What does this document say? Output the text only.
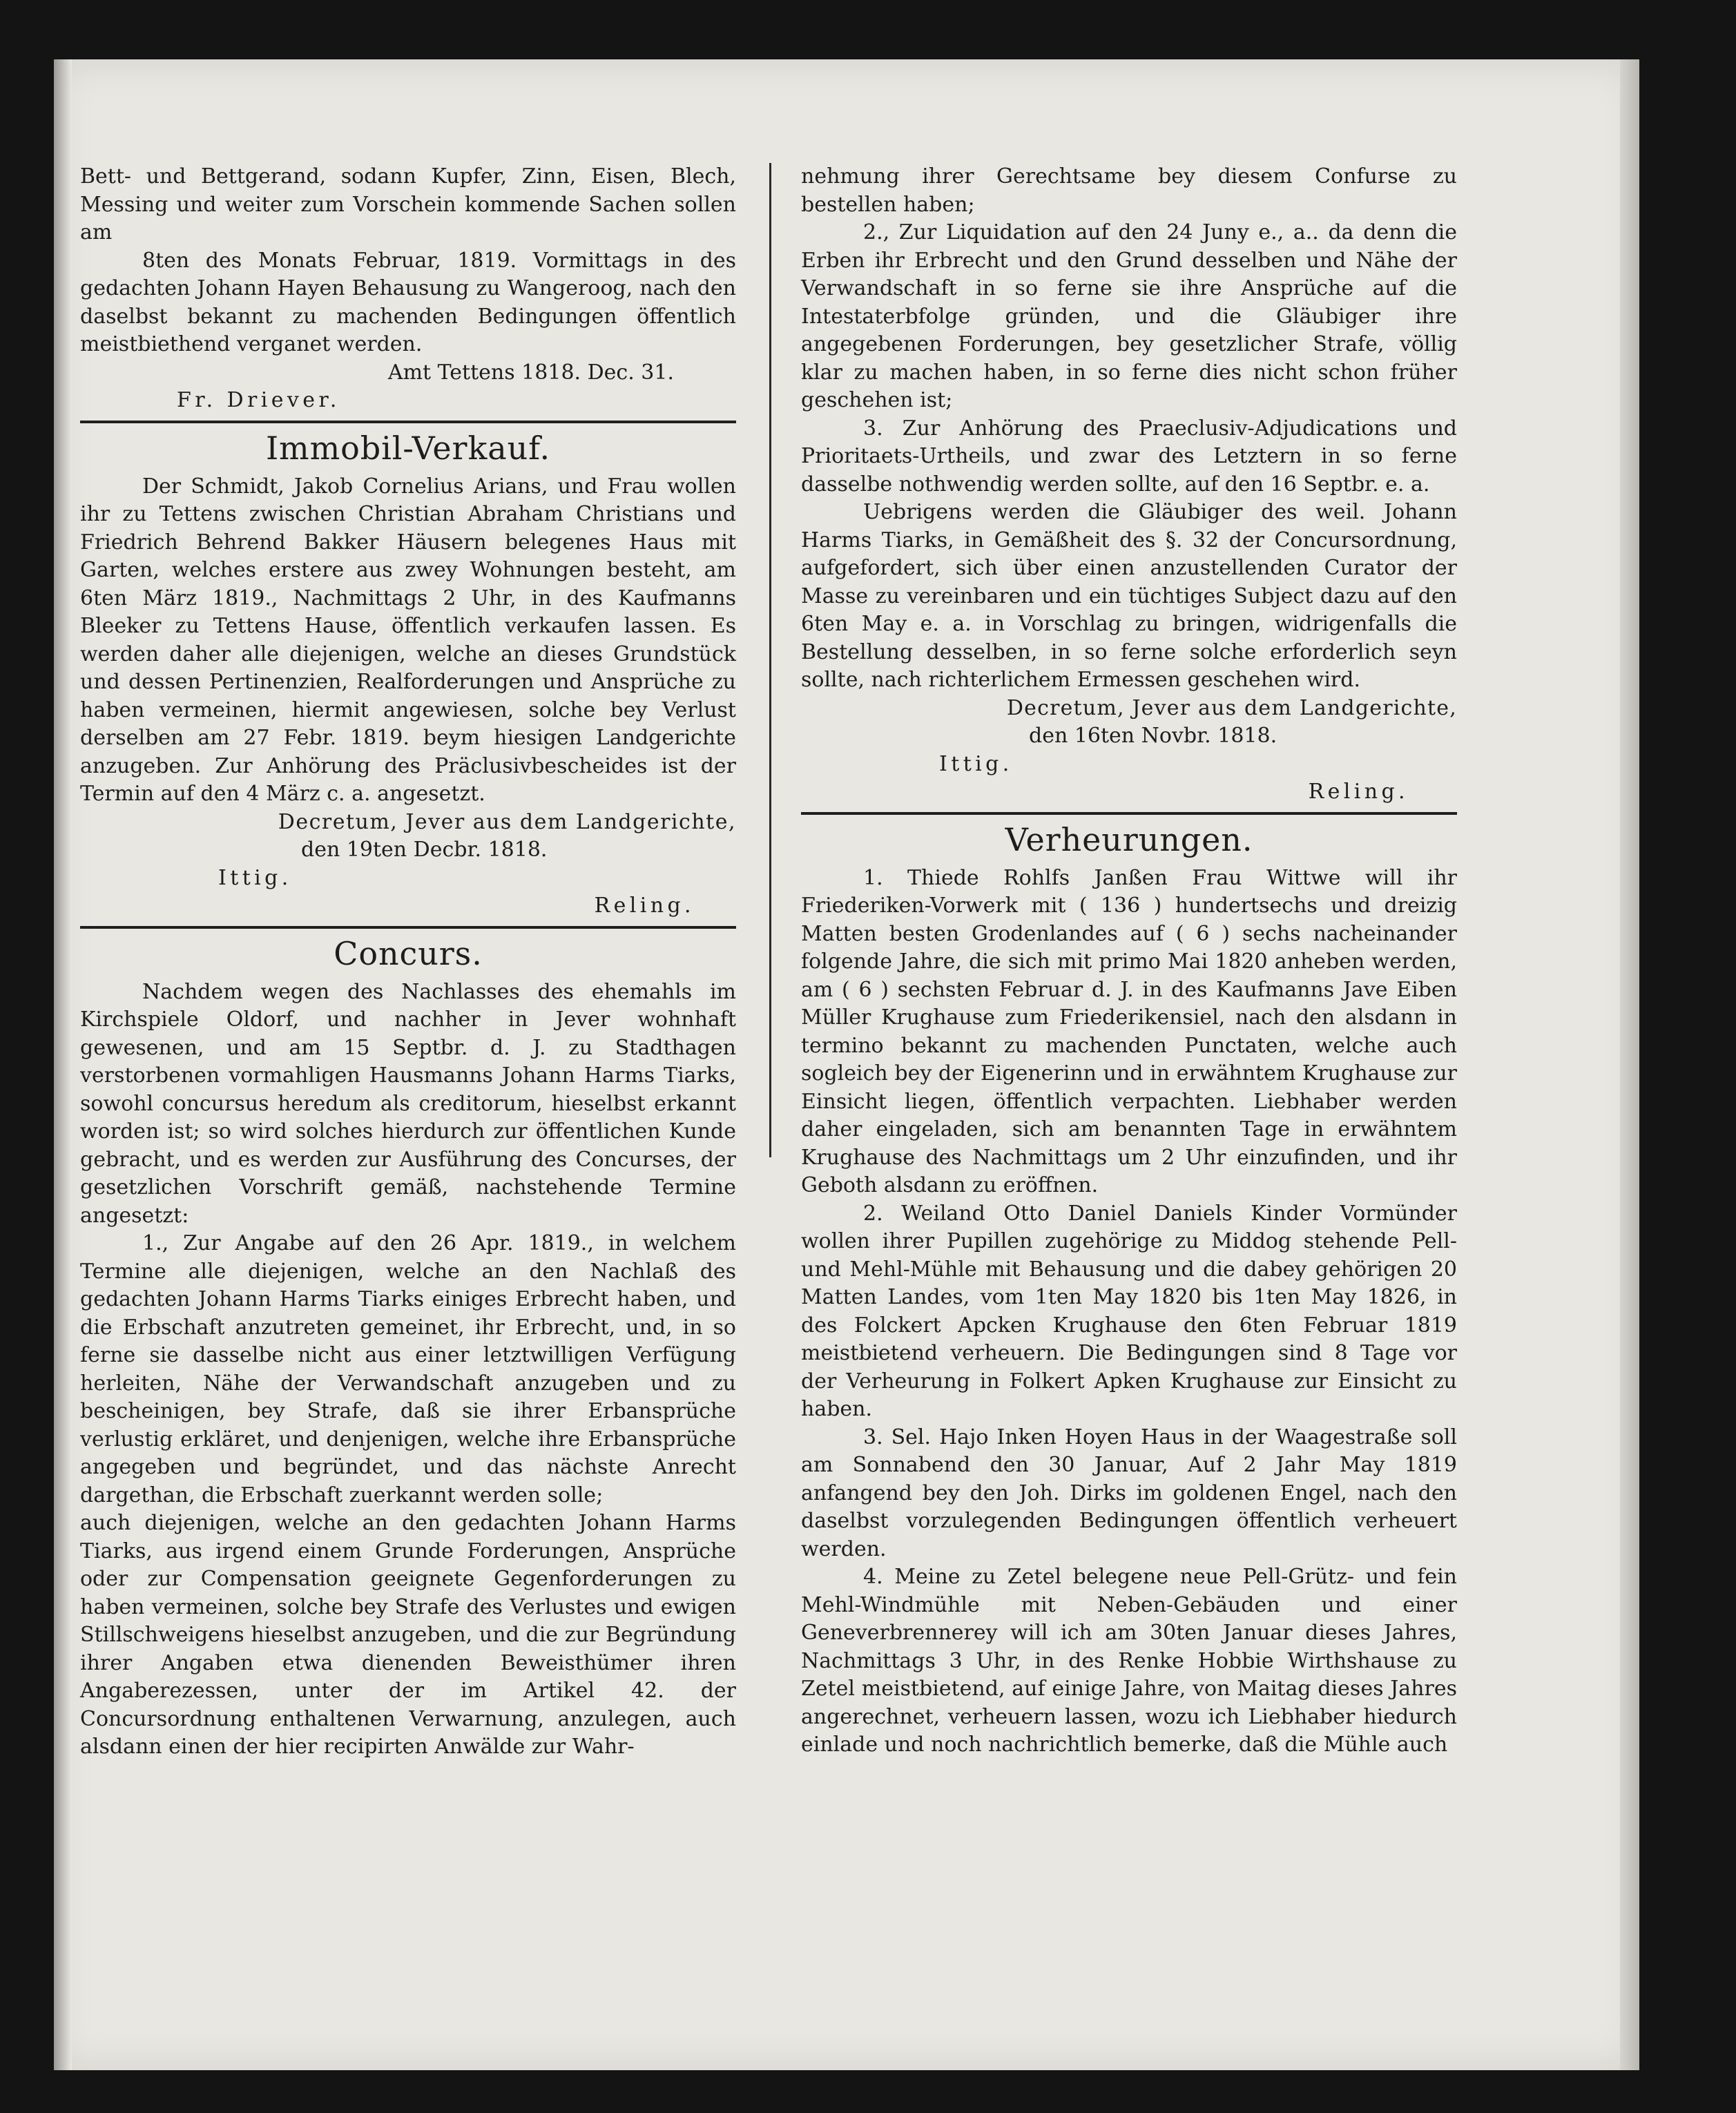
Bett- und Bettgerand, sodann Kupfer, Zinn, Eisen, Blech, Messing und weiter zum Vorschein kommende Sachen sollen am

8ten des Monats Februar, 1819. Vormittags in des gedachten Johann Hayen Behausung zu Wangeroog, nach den daselbst bekannt zu machenden Bedingungen öffentlich meistbiethend verganet werden.

Amt Tettens 1818. Dec. 31.

Fr. Driever.

Immobil-Verkauf.

Der Schmidt, Jakob Cornelius Arians, und Frau wollen ihr zu Tettens zwischen Christian Abraham Christians und Friedrich Behrend Bakker Häusern belegenes Haus mit Garten, welches erstere aus zwey Wohnungen besteht, am 6ten März 1819., Nachmittags 2 Uhr, in des Kaufmanns Bleeker zu Tettens Hause, öffentlich verkaufen lassen. Es werden daher alle diejenigen, welche an dieses Grundstück und dessen Pertinenzien, Realforderungen und Ansprüche zu haben vermeinen, hiermit angewiesen, solche bey Verlust derselben am 27 Febr. 1819. beym hiesigen Landgerichte anzugeben. Zur Anhörung des Präclusivbescheides ist der Termin auf den 4 März c. a. angesetzt.

Decretum, Jever aus dem Landgerichte,

den 19ten Decbr. 1818.

Ittig.
Reling.

Concurs.

Nachdem wegen des Nachlasses des ehemahls im Kirchspiele Oldorf, und nachher in Jever wohnhaft gewesenen, und am 15 Septbr. d. J. zu Stadthagen verstorbenen vormahligen Hausmanns Johann Harms Tiarks, sowohl concursus heredum als creditorum, hieselbst erkannt worden ist; so wird solches hierdurch zur öffentlichen Kunde gebracht, und es werden zur Ausführung des Concurses, der gesetzlichen Vorschrift gemäß, nachstehende Termine angesetzt:

1., Zur Angabe auf den 26 Apr. 1819., in welchem Termine alle diejenigen, welche an den Nachlaß des gedachten Johann Harms Tiarks einiges Erbrecht haben, und die Erbschaft anzutreten gemeinet, ihr Erbrecht, und, in so ferne sie dasselbe nicht aus einer letztwilligen Verfügung herleiten, Nähe der Verwandschaft anzugeben und zu bescheinigen, bey Strafe, daß sie ihrer Erbansprüche verlustig erkläret, und denjenigen, welche ihre Erbansprüche angegeben und begründet, und das nächste Anrecht dargethan, die Erbschaft zuerkannt werden solle;

auch diejenigen, welche an den gedachten Johann Harms Tiarks, aus irgend einem Grunde Forderungen, Ansprüche oder zur Compensation geeignete Gegenforderungen zu haben vermeinen, solche bey Strafe des Verlustes und ewigen Stillschweigens hieselbst anzugeben, und die zur Begründung ihrer Angaben etwa dienenden Beweisthümer ihren Angaberezessen, unter der im Artikel 42. der Concursordnung enthaltenen Verwarnung, anzulegen, auch alsdann einen der hier recipirten Anwälde zur Wahr-

nehmung ihrer Gerechtsame bey diesem Confurse zu bestellen haben;

2., Zur Liquidation auf den 24 Juny e., a.. da denn die Erben ihr Erbrecht und den Grund desselben und Nähe der Verwandschaft in so ferne sie ihre Ansprüche auf die Intestaterbfolge gründen, und die Gläubiger ihre angegebenen Forderungen, bey gesetzlicher Strafe, völlig klar zu machen haben, in so ferne dies nicht schon früher geschehen ist;

3. Zur Anhörung des Praeclusiv-Adjudications und Prioritaets-Urtheils, und zwar des Letztern in so ferne dasselbe nothwendig werden sollte, auf den 16 Septbr. e. a.

Uebrigens werden die Gläubiger des weil. Johann Harms Tiarks, in Gemäßheit des §. 32 der Concursordnung, aufgefordert, sich über einen anzustellenden Curator der Masse zu vereinbaren und ein tüchtiges Subject dazu auf den 6ten May e. a. in Vorschlag zu bringen, widrigenfalls die Bestellung desselben, in so ferne solche erforderlich seyn sollte, nach richterlichem Ermessen geschehen wird.

Decretum, Jever aus dem Landgerichte,

den 16ten Novbr. 1818.

Ittig.
Reling.

Verheurungen.

1. Thiede Rohlfs Janßen Frau Wittwe will ihr Friederiken-Vorwerk mit ( 136 ) hundertsechs und dreizig Matten besten Grodenlandes auf ( 6 ) sechs nacheinander folgende Jahre, die sich mit primo Mai 1820 anheben werden, am ( 6 ) sechsten Februar d. J. in des Kaufmanns Jave Eiben Müller Krughause zum Friederikensiel, nach den alsdann in termino bekannt zu machenden Punctaten, welche auch sogleich bey der Eigenerinn und in erwähntem Krughause zur Einsicht liegen, öffentlich verpachten. Liebhaber werden daher eingeladen, sich am benannten Tage in erwähntem Krughause des Nachmittags um 2 Uhr einzufinden, und ihr Geboth alsdann zu eröffnen.

2. Weiland Otto Daniel Daniels Kinder Vormünder wollen ihrer Pupillen zugehörige zu Middog stehende Pell- und Mehl-Mühle mit Behausung und die dabey gehörigen 20 Matten Landes, vom 1ten May 1820 bis 1ten May 1826, in des Folckert Apcken Krughause den 6ten Februar 1819 meistbietend verheuern. Die Bedingungen sind 8 Tage vor der Verheurung in Folkert Apken Krughause zur Einsicht zu haben.

3. Sel. Hajo Inken Hoyen Haus in der Waagestraße soll am Sonnabend den 30 Januar, Auf 2 Jahr May 1819 anfangend bey den Joh. Dirks im goldenen Engel, nach den daselbst vorzulegenden Bedingungen öffentlich verheuert werden.

4. Meine zu Zetel belegene neue Pell-Grütz- und fein Mehl-Windmühle mit Neben-Gebäuden und einer Geneverbrennerey will ich am 30ten Januar dieses Jahres, Nachmittags 3 Uhr, in des Renke Hobbie Wirthshause zu Zetel meistbietend, auf einige Jahre, von Maitag dieses Jahres angerechnet, verheuern lassen, wozu ich Liebhaber hiedurch einlade und noch nachrichtlich bemerke, daß die Mühle auch
